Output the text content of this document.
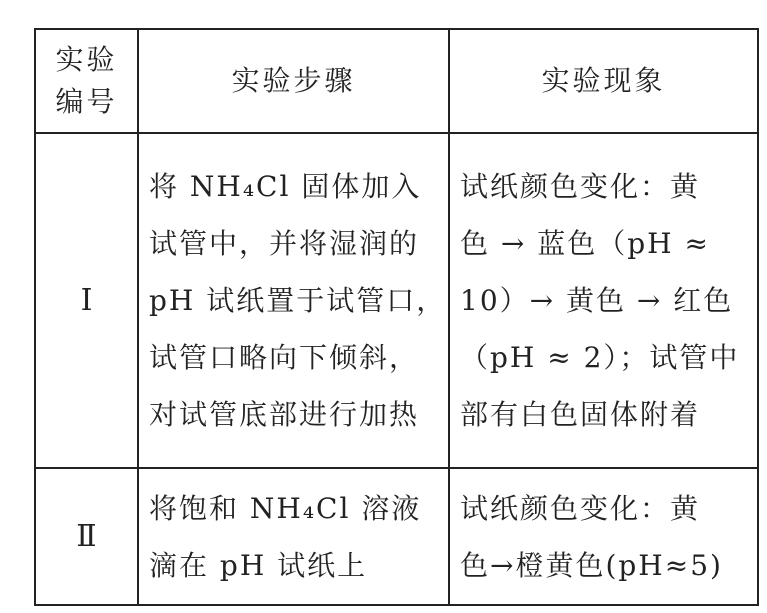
实验
编号	实验步骤	实验现象
Ⅰ	将 NH₄Cl 固体加入
试管中，并将湿润的
pH 试纸置于试管口，
试管口略向下倾斜，
对试管底部进行加热	试纸颜色变化：黄
色 → 蓝色（pH ≈
10）→ 黄色 → 红色
（pH ≈ 2）；试管中
部有白色固体附着

Ⅱ	将饱和 NH₄Cl 溶液
滴在 pH 试纸上	试纸颜色变化：黄
色→橙黄色(pH≈5)
